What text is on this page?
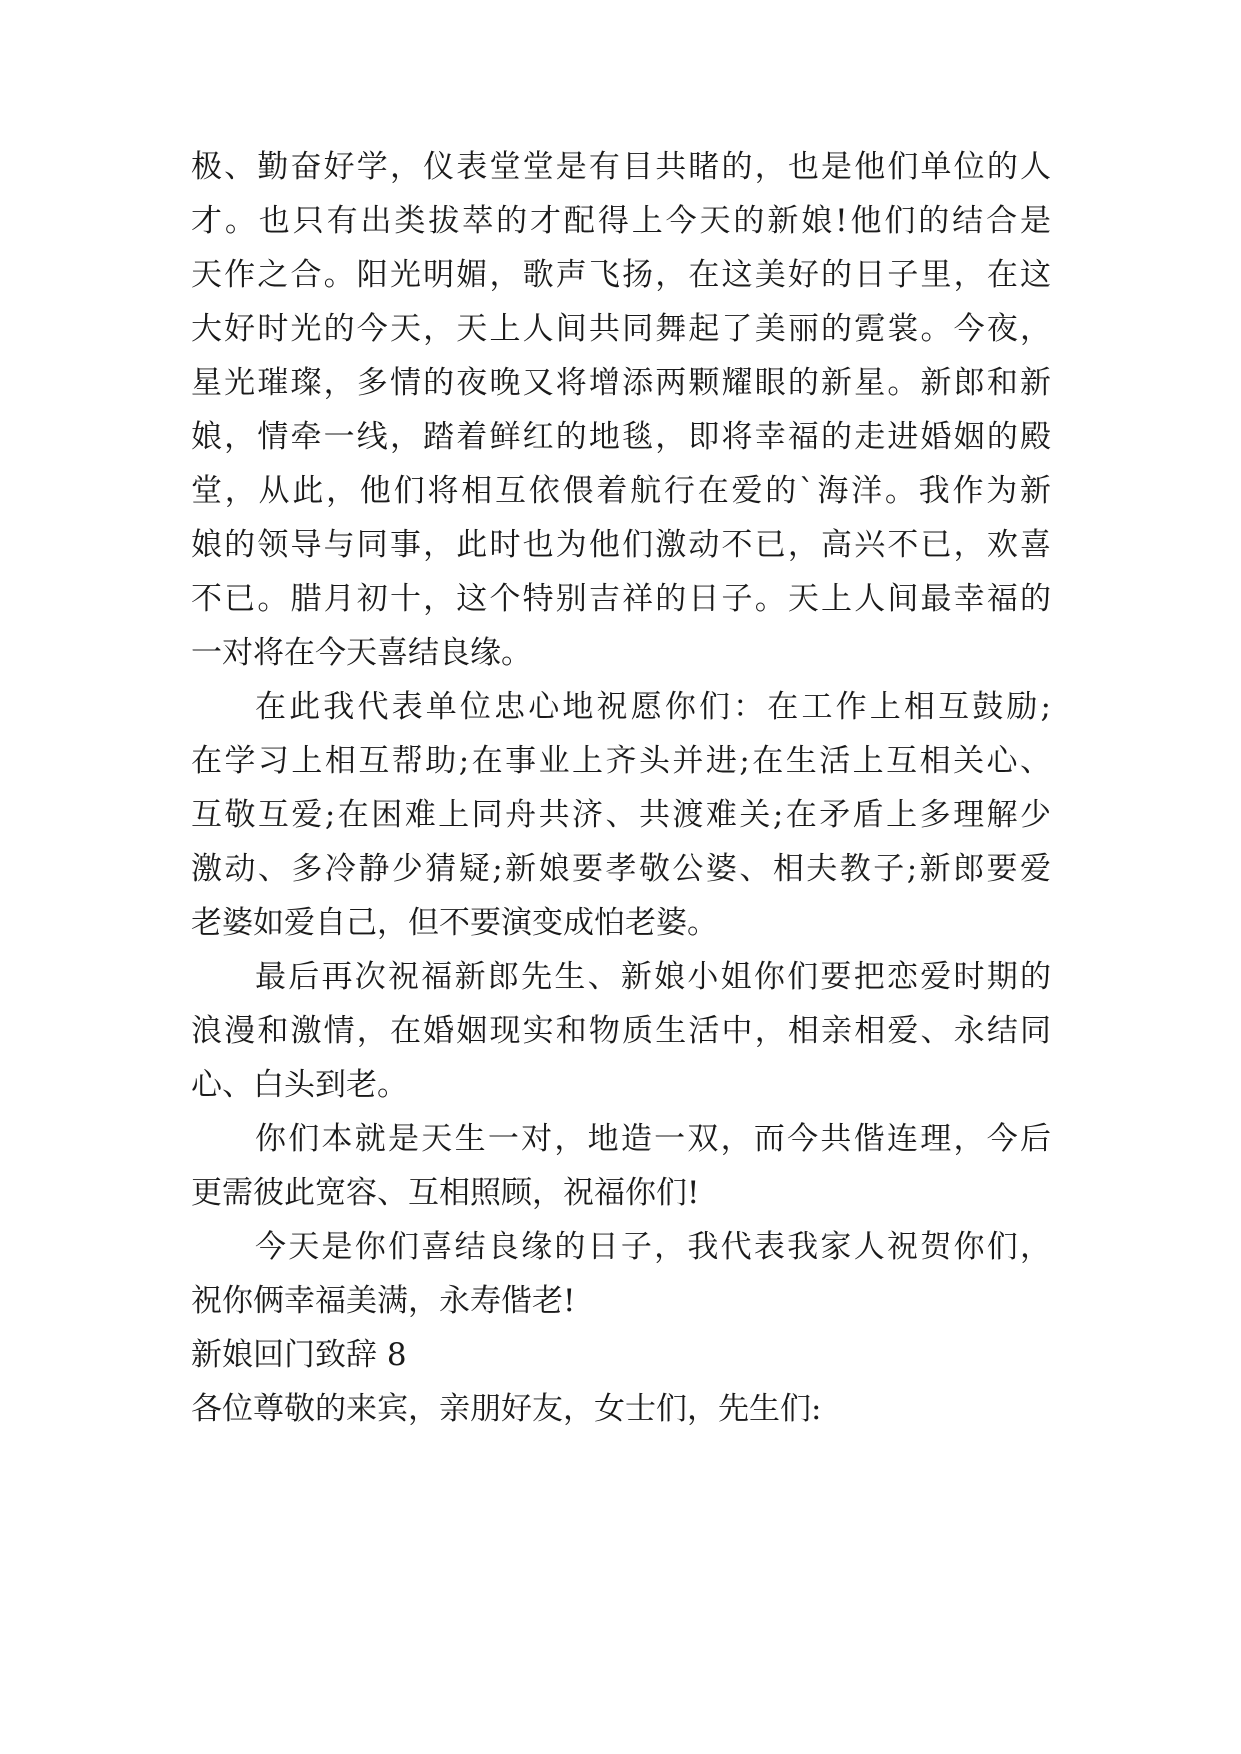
极、勤奋好学，仪表堂堂是有目共睹的，也是他们单位的人
才。也只有出类拔萃的才配得上今天的新娘!他们的结合是
天作之合。阳光明媚，歌声飞扬，在这美好的日子里，在这
大好时光的今天，天上人间共同舞起了美丽的霓裳。今夜，
星光璀璨，多情的夜晚又将增添两颗耀眼的新星。新郎和新
娘，情牵一线，踏着鲜红的地毯，即将幸福的走进婚姻的殿
堂，从此，他们将相互依偎着航行在爱的`海洋。我作为新
娘的领导与同事，此时也为他们激动不已，高兴不已，欢喜
不已。腊月初十，这个特别吉祥的日子。天上人间最幸福的
一对将在今天喜结良缘。
在此我代表单位忠心地祝愿你们：在工作上相互鼓励;
在学习上相互帮助;在事业上齐头并进;在生活上互相关心、
互敬互爱;在困难上同舟共济、共渡难关;在矛盾上多理解少
激动、多冷静少猜疑;新娘要孝敬公婆、相夫教子;新郎要爱
老婆如爱自己，但不要演变成怕老婆。
最后再次祝福新郎先生、新娘小姐你们要把恋爱时期的
浪漫和激情，在婚姻现实和物质生活中，相亲相爱、永结同
心、白头到老。
你们本就是天生一对，地造一双，而今共偕连理，今后
更需彼此宽容、互相照顾，祝福你们!
今天是你们喜结良缘的日子，我代表我家人祝贺你们，
祝你俩幸福美满，永寿偕老!
新娘回门致辞 8
各位尊敬的来宾，亲朋好友，女士们，先生们:
